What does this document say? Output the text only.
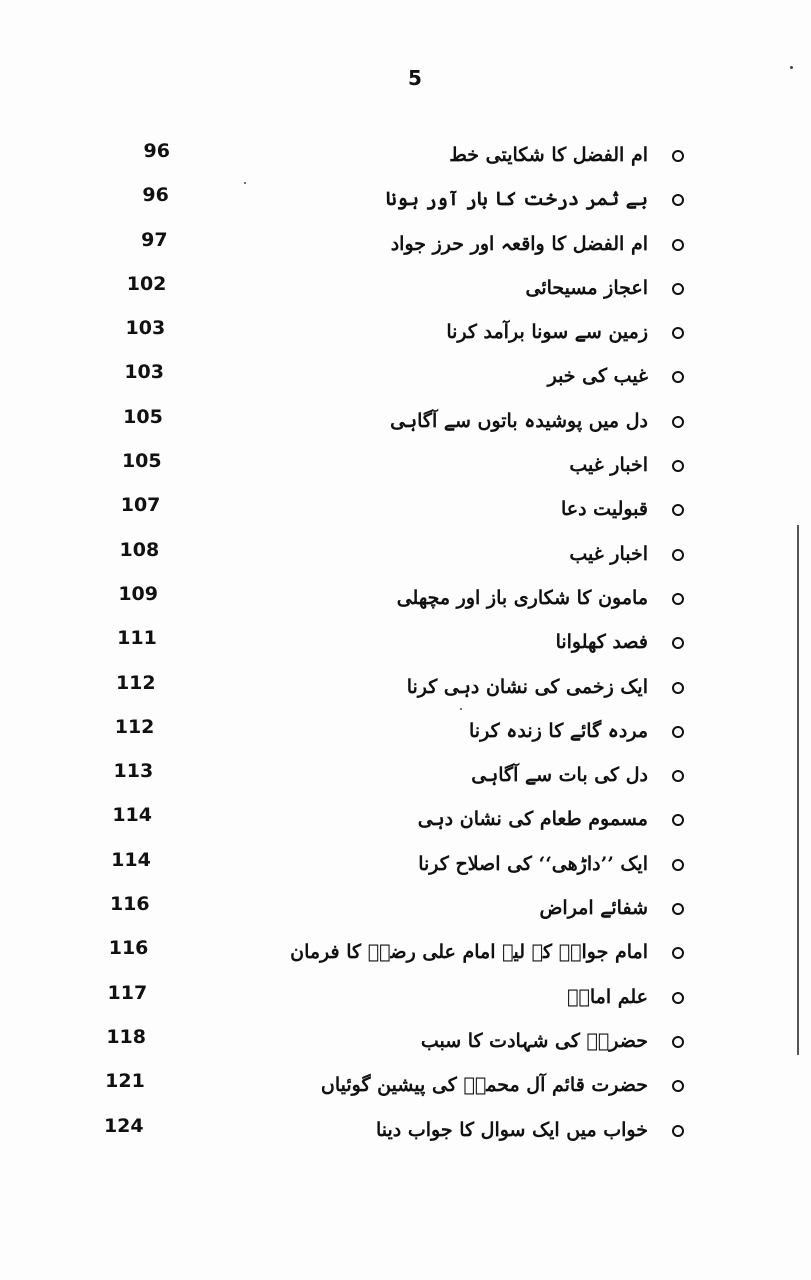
5
96	ام الفضل کا شکایتی خط
96	بے ثمر درخت کا بار آور ہونا
97	ام الفضل کا واقعہ اور حرز جواد
102	اعجاز مسیحائی
103	زمین سے سونا برآمد کرنا
103	غیب کی خبر
105	دل میں پوشیدہ باتوں سے آگاہی
105	اخبار غیب
107	قبولیت دعا
108	اخبار غیب
109	مامون کا شکاری باز اور مچھلی
111	فصد کھلوانا
112	ایک زخمی کی نشان دہی کرنا
112	مردہ گائے کا زندہ کرنا
113	دل کی بات سے آگاہی
114	مسموم طعام کی نشان دہی
114	ایک ’’داڑھی‘‘ کی اصلاح کرنا
116	شفائے امراض
116	امام جوادؑ کے لیے امام علی رضاؑ کا فرمان
117	علم امامؑ
118	حضرتؑ کی شہادت کا سبب
121	حضرت قائم آل محمدؑ کی پیشین گوئیاں
124	خواب میں ایک سوال کا جواب دینا
